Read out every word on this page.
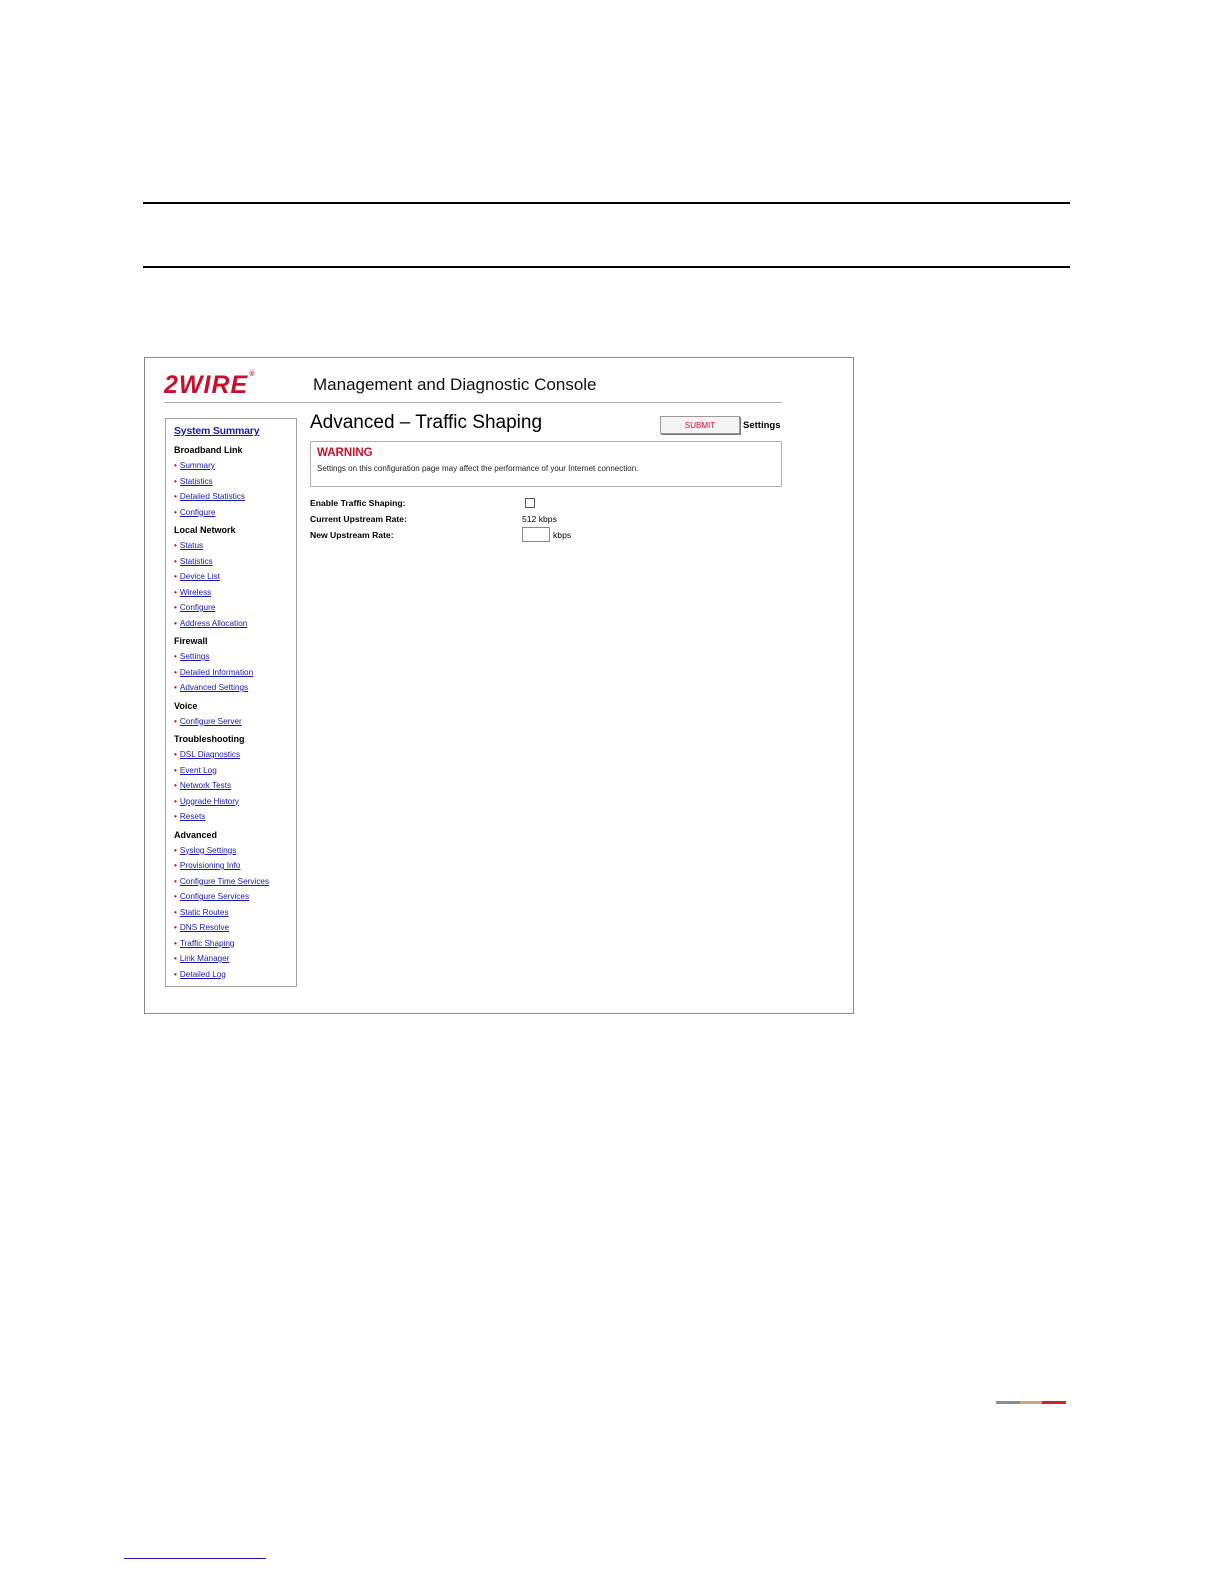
2WIRE®
Management and Diagnostic Console
System Summary
Broadband Link
• Summary
• Statistics
• Detailed Statistics
• Configure
Local Network
• Status
• Statistics
• Device List
• Wireless
• Configure
• Address Allocation
Firewall
• Settings
• Detailed Information
• Advanced Settings
Voice
• Configure Server
Troubleshooting
• DSL Diagnostics
• Event Log
• Network Tests
• Upgrade History
• Resets
Advanced
• Syslog Settings
• Provisioning Info
• Configure Time Services
• Configure Services
• Static Routes
• DNS Resolve
• Traffic Shaping
• Link Manager
• Detailed Log
Advanced – Traffic Shaping	SUBMIT	Settings
WARNING
Settings on this configuration page may affect the performance of your Internet connection.
Enable Traffic Shaping:
Current Upstream Rate:	512 kbps
New Upstream Rate:	kbps
